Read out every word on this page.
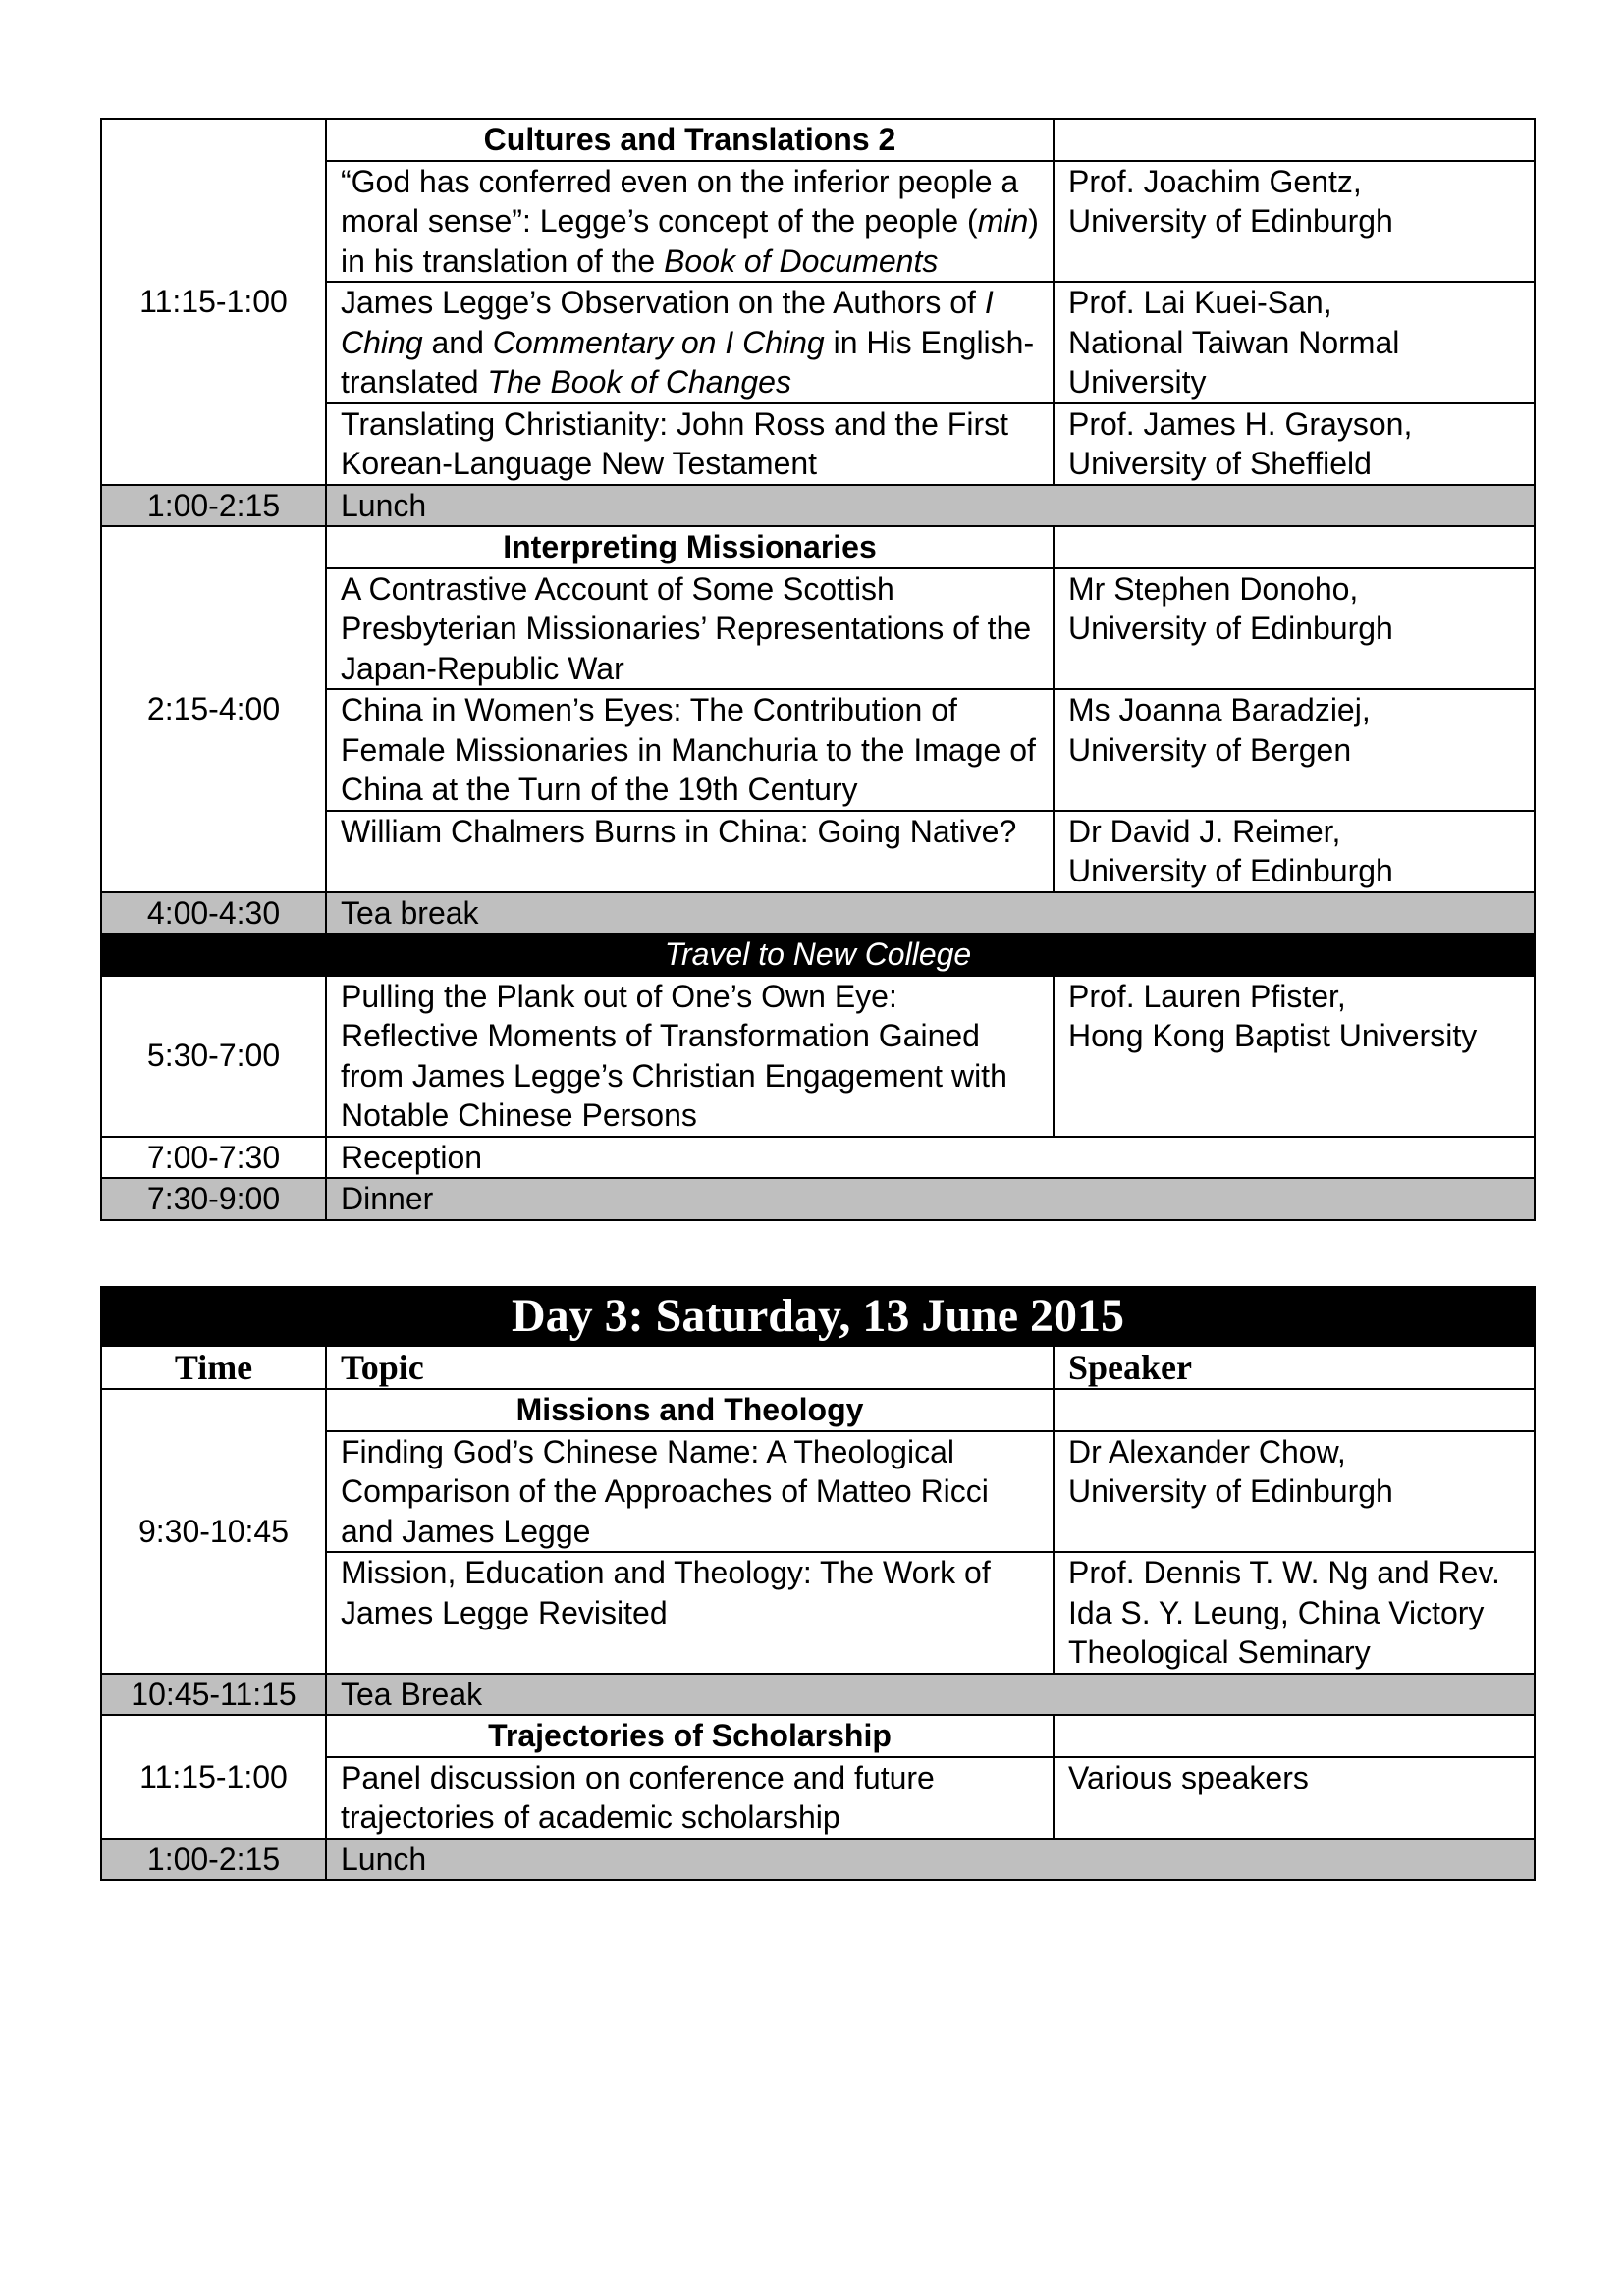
11:15-1:00	Cultures and Translations 2	
	“God has conferred even on the inferior people a moral sense”: Legge’s concept of the people (min) in his translation of the Book of Documents	Prof. Joachim Gentz,
University of Edinburgh

	James Legge’s Observation on the Authors of I Ching and Commentary on I Ching in His English-translated The Book of Changes	Prof. Lai Kuei-San,
National Taiwan Normal University

	Translating Christianity: John Ross and the First Korean-Language New Testament	Prof. James H. Grayson,
University of Sheffield

1:00-2:15	Lunch	
2:15-4:00	Interpreting Missionaries	
	A Contrastive Account of Some Scottish Presbyterian Missionaries’ Representations of the Japan-Republic War	Mr Stephen Donoho,
University of Edinburgh

	China in Women’s Eyes: The Contribution of Female Missionaries in Manchuria to the Image of China at the Turn of the 19th Century	Ms Joanna Baradziej,
University of Bergen

	William Chalmers Burns in China: Going Native?	Dr David J. Reimer,
University of Edinburgh

4:00-4:30	Tea break	
Travel to New College		
5:30-7:00	Pulling the Plank out of One’s Own Eye: Reflective Moments of Transformation Gained from James Legge’s Christian Engagement with Notable Chinese Persons	Prof. Lauren Pfister,
Hong Kong Baptist University

7:00-7:30	Reception	
7:30-9:00	Dinner	
Day 3: Saturday, 13 June 2015		
Time	Topic	Speaker
9:30-10:45	Missions and Theology	
	Finding God’s Chinese Name: A Theological Comparison of the Approaches of Matteo Ricci and James Legge	Dr Alexander Chow,
University of Edinburgh

	Mission, Education and Theology: The Work of James Legge Revisited	Prof. Dennis T. W. Ng and Rev. Ida S. Y. Leung, China Victory Theological Seminary
10:45-11:15	Tea Break	
11:15-1:00	Trajectories of Scholarship	
	Panel discussion on conference and future trajectories of academic scholarship	Various speakers
1:00-2:15	Lunch	
